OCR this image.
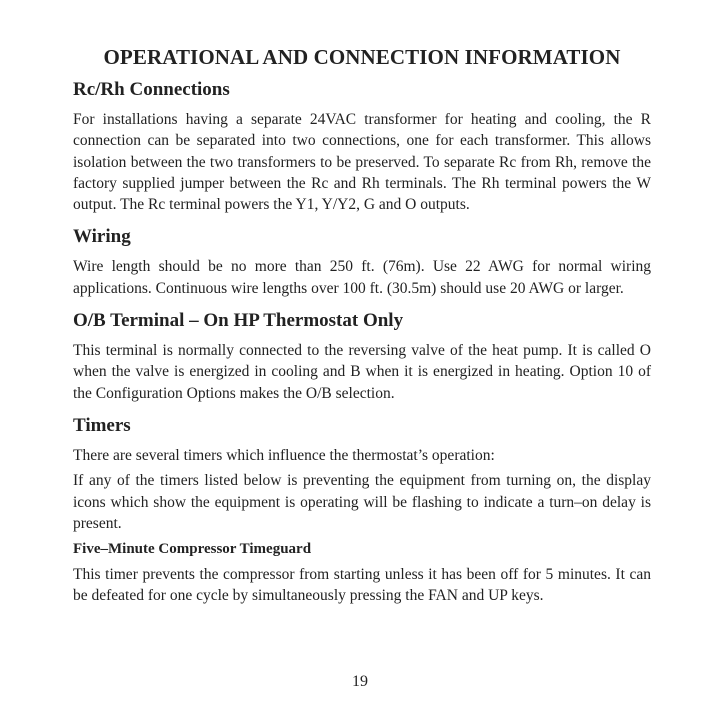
OPERATIONAL AND CONNECTION INFORMATION
Rc/Rh Connections

For installations having a separate 24VAC transformer for heating and cooling, the R connection can be separated into two connections, one for each transformer. This allows isolation between the two transformers to be preserved. To separate Rc from Rh, remove the factory supplied jumper between the Rc and Rh terminals. The Rh terminal powers the W output. The Rc terminal powers the Y1, Y/Y2, G and O outputs.

Wiring

Wire length should be no more than 250 ft. (76m). Use 22 AWG for normal wiring applications. Continuous wire lengths over 100 ft. (30.5m) should use 20 AWG or larger.

O/B Terminal – On HP Thermostat Only

This terminal is normally connected to the reversing valve of the heat pump. It is called O when the valve is energized in cooling and B when it is energized in heating. Option 10 of the Configuration Options makes the O/B selection.

Timers

There are several timers which influence the thermostat’s operation:

If any of the timers listed below is preventing the equipment from turning on, the display icons which show the equipment is operating will be flashing to indicate a turn–on delay is present.

Five–Minute Compressor Timeguard

This timer prevents the compressor from starting unless it has been off for 5 minutes. It can be defeated for one cycle by simultaneously pressing the FAN and UP keys.

19
